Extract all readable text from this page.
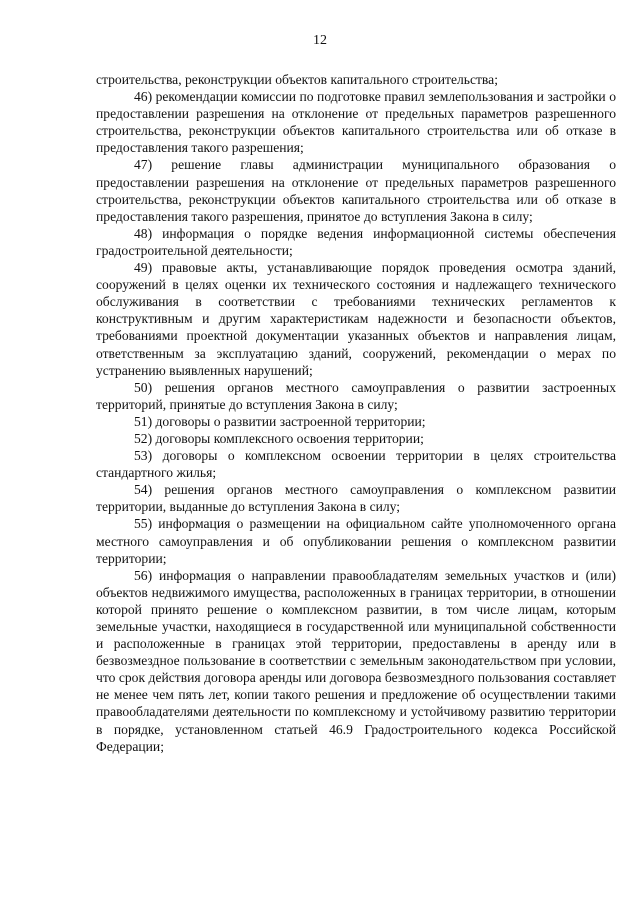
12

строительства, реконструкции объектов капитального строительства;

46) рекомендации комиссии по подготовке правил землепользования и застройки о предоставлении разрешения на отклонение от предельных параметров разрешенного строительства, реконструкции объектов капитального строительства или об отказе в предоставления такого разрешения;

47) решение главы администрации муниципального образования о предоставлении разрешения на отклонение от предельных параметров разрешенного строительства, реконструкции объектов капитального строительства или об отказе в предоставления такого разрешения, принятое до вступления Закона в силу;

48) информация о порядке ведения информационной системы обеспечения градостроительной деятельности;

49) правовые акты, устанавливающие порядок проведения осмотра зданий, сооружений в целях оценки их технического состояния и надлежащего технического обслуживания в соответствии с требованиями технических регламентов к конструктивным и другим характеристикам надежности и безопасности объектов, требованиями проектной документации указанных объектов и направления лицам, ответственным за эксплуатацию зданий, сооружений, рекомендации о мерах по устранению выявленных нарушений;

50) решения органов местного самоуправления о развитии застроенных территорий, принятые до вступления Закона в силу;

51) договоры о развитии застроенной территории;

52) договоры комплексного освоения территории;

53) договоры о комплексном освоении территории в целях строительства стандартного жилья;

54) решения органов местного самоуправления о комплексном развитии территории, выданные до вступления Закона в силу;

55) информация о размещении на официальном сайте уполномоченного органа местного самоуправления и об опубликовании решения о комплексном развитии территории;

56) информация о направлении правообладателям земельных участков и (или) объектов недвижимого имущества, расположенных в границах территории, в отношении которой принято решение о комплексном развитии, в том числе лицам, которым земельные участки, находящиеся в государственной или муниципальной собственности и расположенные в границах этой территории, предоставлены в аренду или в безвозмездное пользование в соответствии с земельным законодательством при условии, что срок действия договора аренды или договора безвозмездного пользования составляет не менее чем пять лет, копии такого решения и предложение об осуществлении такими правообладателями деятельности по комплексному и устойчивому развитию территории в порядке, установленном статьей 46.9 Градостроительного кодекса Российской Федерации;
